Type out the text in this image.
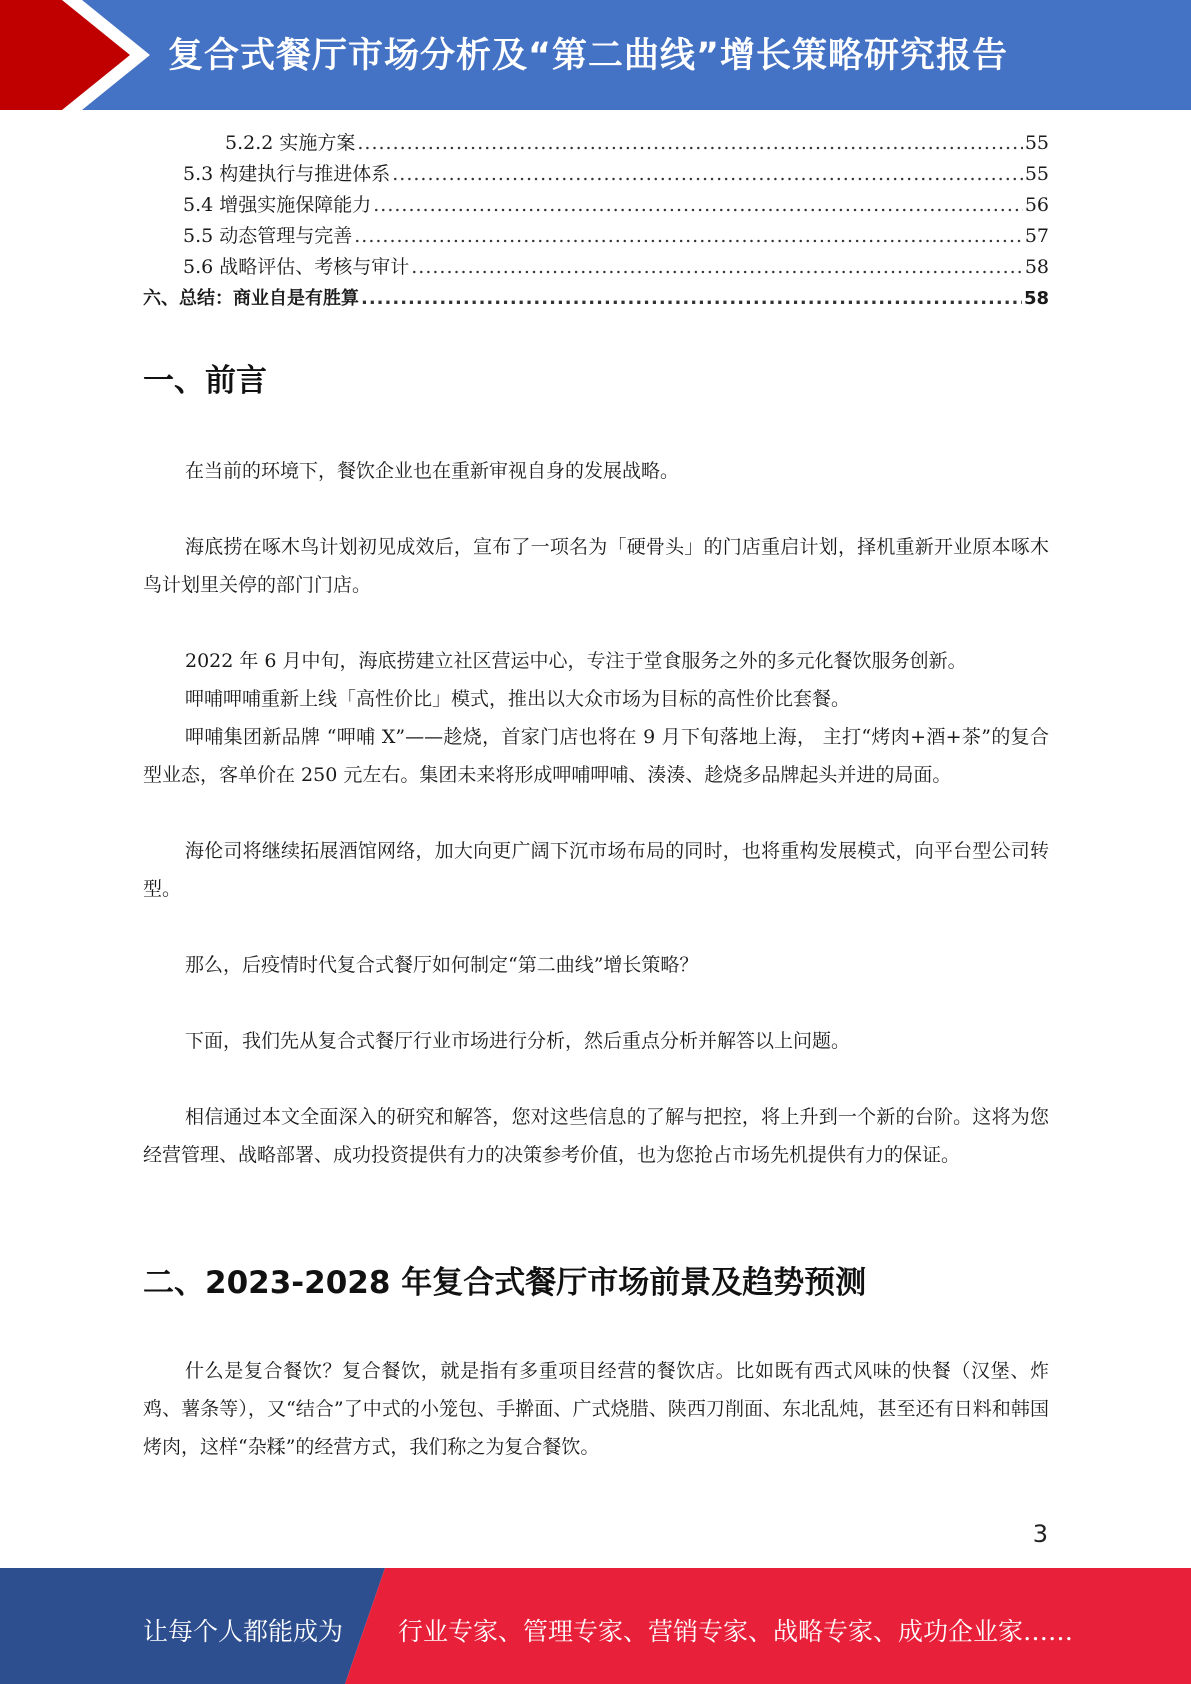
复合式餐厅市场分析及“第二曲线”增长策略研究报告
5.2.2 实施方案 .....	55
5.3 构建执行与推进体系 .....	55
5.4 增强实施保障能力 .....	56
5.5 动态管理与完善 .....	57
5.6 战略评估、考核与审计 .....	58
六、总结：商业自是有胜算 .....	58
一、前言
在当前的环境下，餐饮企业也在重新审视自身的发展战略。
海底捞在啄木鸟计划初见成效后，宣布了一项名为「硬骨头」的门店重启计划，择机重新开业原本啄木鸟计划里关停的部门门店。
2022 年 6 月中旬，海底捞建立社区营运中心，专注于堂食服务之外的多元化餐饮服务创新。
呷哺呷哺重新上线「高性价比」模式，推出以大众市场为目标的高性价比套餐。
呷哺集团新品牌 “呷哺 X”——趁烧，首家门店也将在 9 月下旬落地上海， 主打“烤肉+酒+茶”的复合型业态，客单价在 250 元左右。集团未来将形成呷哺呷哺、湊湊、趁烧多品牌起头并进的局面。
海伦司将继续拓展酒馆网络，加大向更广阔下沉市场布局的同时，也将重构发展模式，向平台型公司转型。
那么，后疫情时代复合式餐厅如何制定“第二曲线”增长策略？
下面，我们先从复合式餐厅行业市场进行分析，然后重点分析并解答以上问题。
相信通过本文全面深入的研究和解答，您对这些信息的了解与把控，将上升到一个新的台阶。这将为您经营管理、战略部署、成功投资提供有力的决策参考价值，也为您抢占市场先机提供有力的保证。
二、2023-2028 年复合式餐厅市场前景及趋势预测
什么是复合餐饮？复合餐饮，就是指有多重项目经营的餐饮店。比如既有西式风味的快餐（汉堡、炸鸡、薯条等），又“结合”了中式的小笼包、手擀面、广式烧腊、陕西刀削面、东北乱炖，甚至还有日料和韩国烤肉，这样“杂糅”的经营方式，我们称之为复合餐饮。
3
让每个人都能成为 行业专家、管理专家、营销专家、战略专家、成功企业家……
